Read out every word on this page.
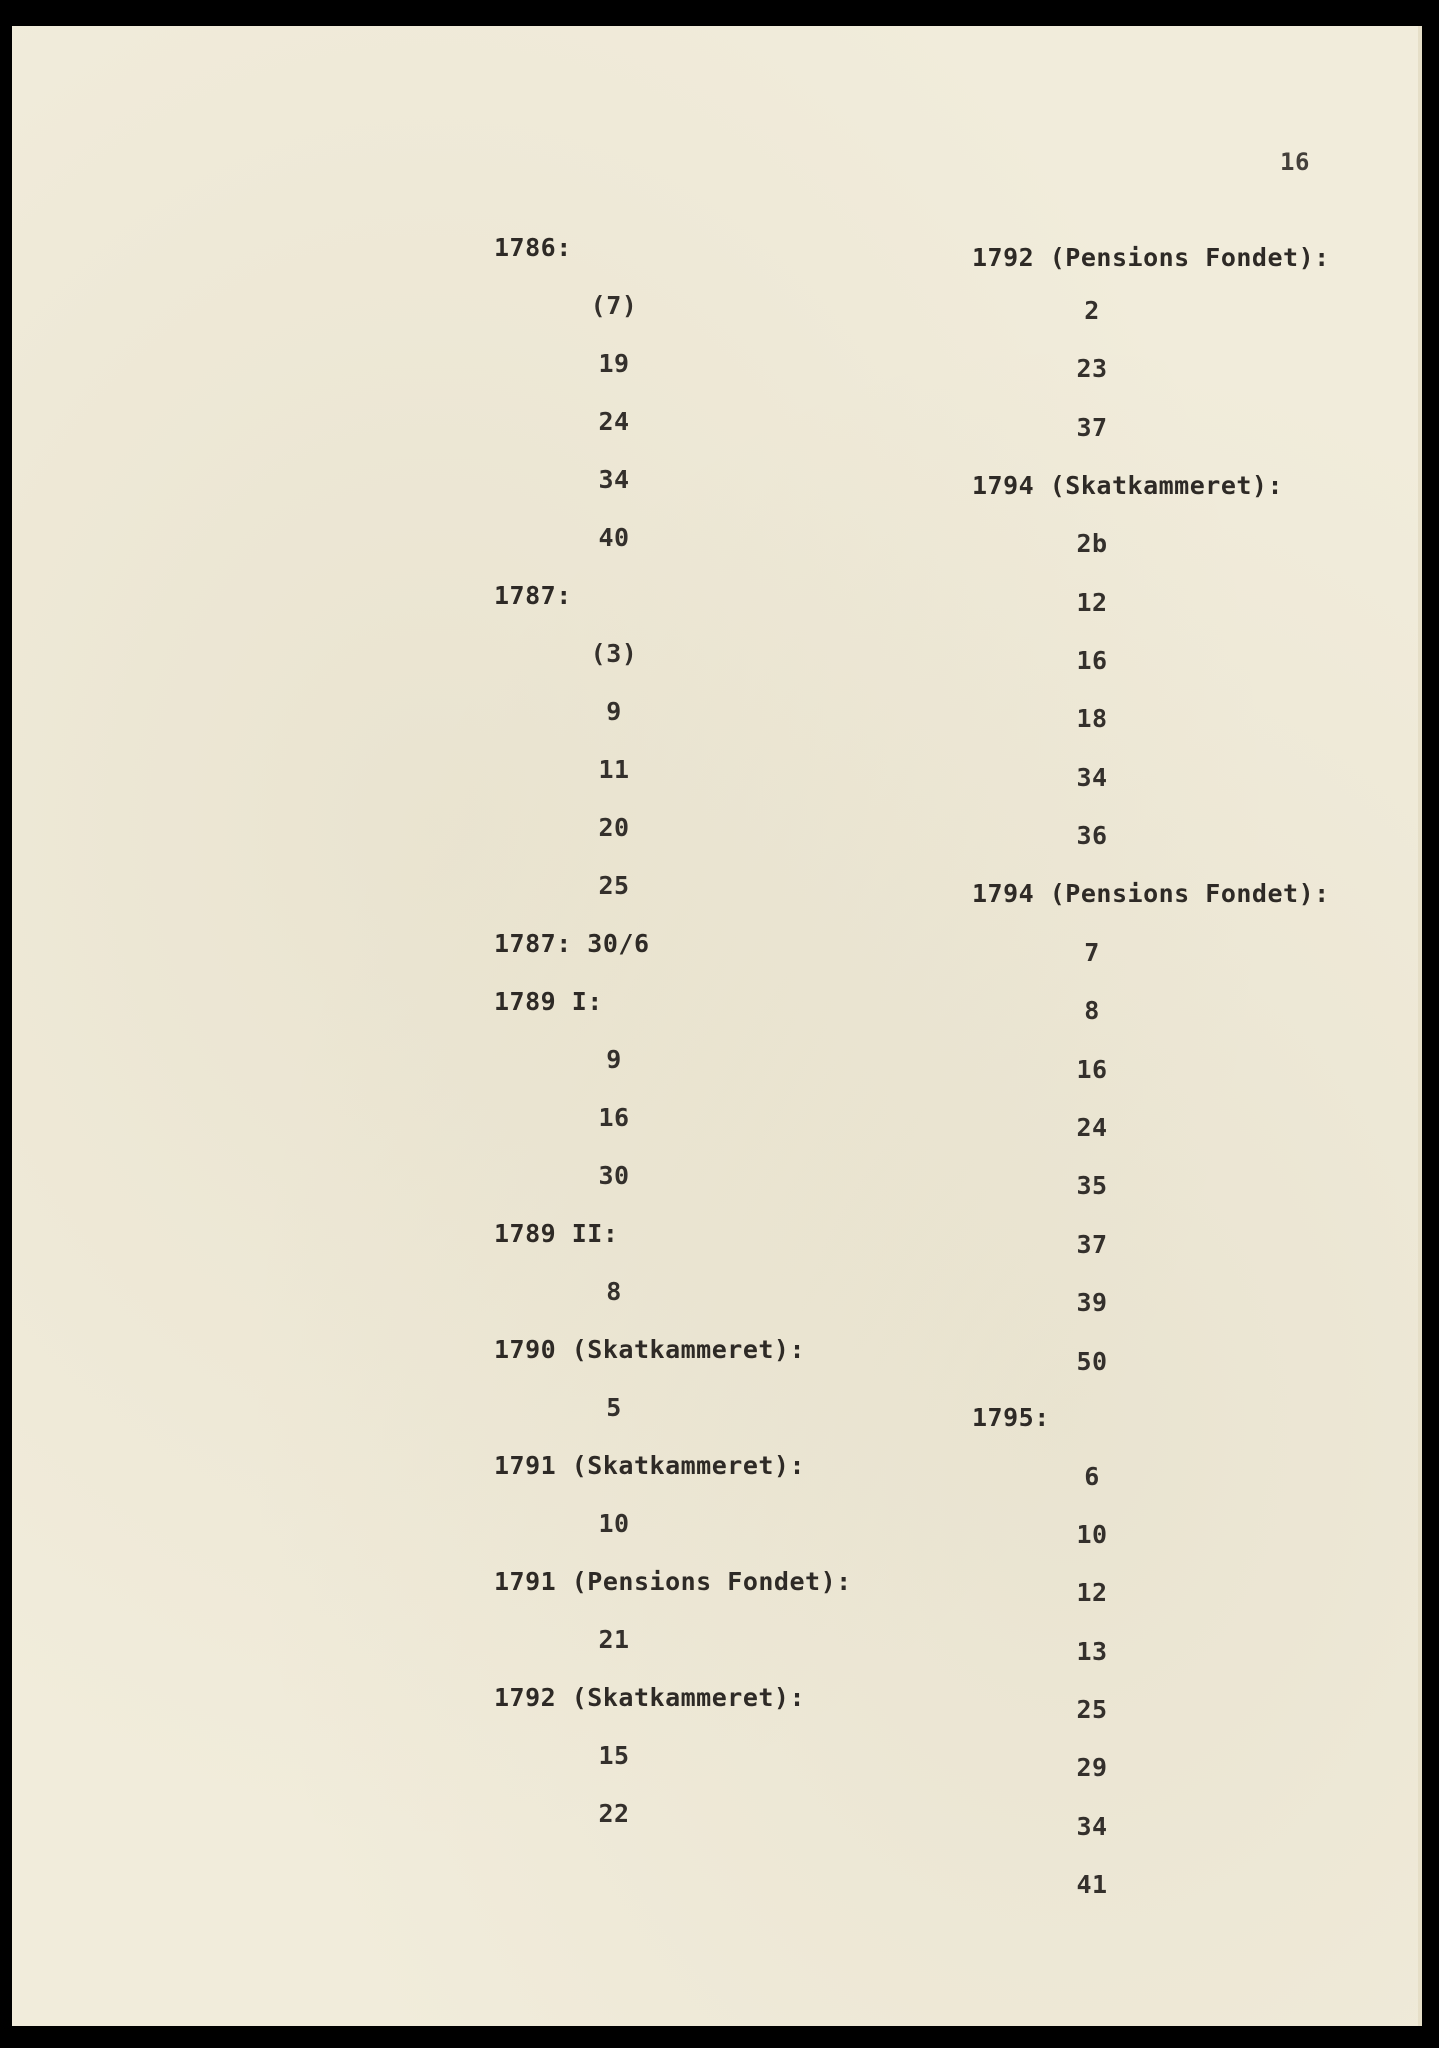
16
1786:
(7)
19
24
34
40
1787:
(3)
9
11
20
25
1787: 30/6
1789 I:
9
16
30
1789 II:
8
1790 (Skatkammeret):
5
1791 (Skatkammeret):
10
1791 (Pensions Fondet):
21
1792 (Skatkammeret):
15
22
1792 (Pensions Fondet):
2
23
37
1794 (Skatkammeret):
2b
12
16
18
34
36
1794 (Pensions Fondet):
7
8
16
24
35
37
39
50
1795:
6
10
12
13
25
29
34
41
